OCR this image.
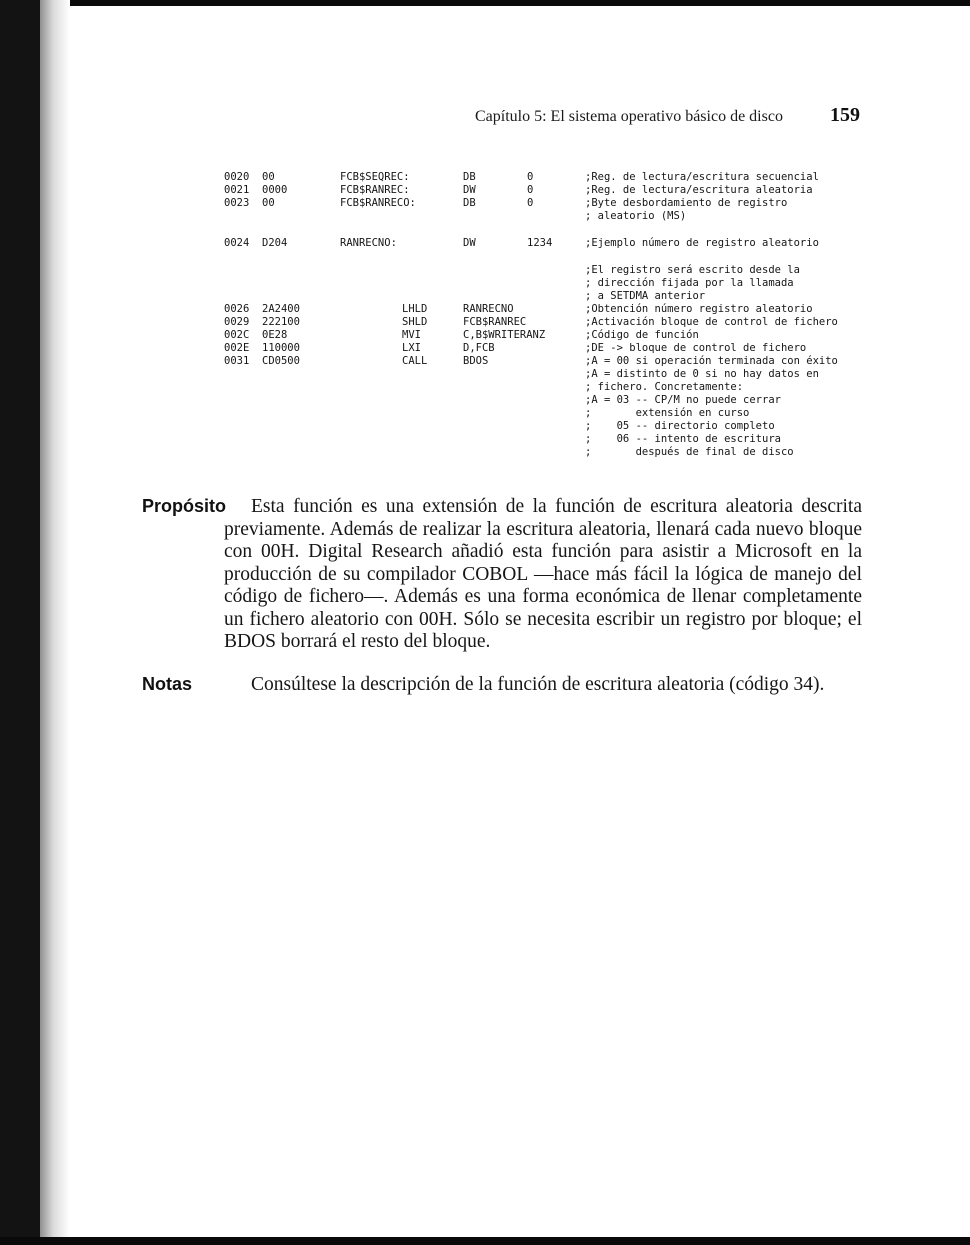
Capítulo 5: El sistema operativo básico de disco 159
0020 00	FCB$SEQREC:	DB	0	;Reg. de lectura/escritura secuencial
0021 0000	FCB$RANREC:	DW	0	;Reg. de lectura/escritura aleatoria
0023 00	FCB$RANRECO:	DB	0	;Byte desbordamiento de registro
; aleatorio (MS)
0024 D204	RANRECNO:	DW	1234	;Ejemplo número de registro aleatorio
;El registro será escrito desde la
; dirección fijada por la llamada
; a SETDMA anterior
0026 2A2400	LHLD	RANRECNO	;Obtención número registro aleatorio
0029 222100	SHLD	FCB$RANREC	;Activación bloque de control de fichero
002C 0E28	MVI	C,B$WRITERANZ	;Código de función
002E 110000	LXI	D,FCB	;DE -> bloque de control de fichero
0031 CD0500	CALL	BDOS	;A = 00 si operación terminada con éxito
;A = distinto de 0 si no hay datos en
; fichero. Concretamente:
;A = 03 -- CP/M no puede cerrar
;       extensión en curso
;    05 -- directorio completo
;    06 -- intento de escritura
;       después de final de disco
Propósito	Esta función es una extensión de la función de escritura aleatoria descrita previamente. Además de realizar la escritura aleatoria, llenará cada nuevo bloque con 00H. Digital Research añadió esta función para asistir a Microsoft en la producción de su compilador COBOL —hace más fácil la lógica de manejo del código de fichero—. Además es una forma económica de llenar completamente un fichero aleatorio con 00H. Sólo se necesita escribir un registro por bloque; el BDOS borrará el resto del bloque.

Notas	Consúltese la descripción de la función de escritura aleatoria (código 34).
